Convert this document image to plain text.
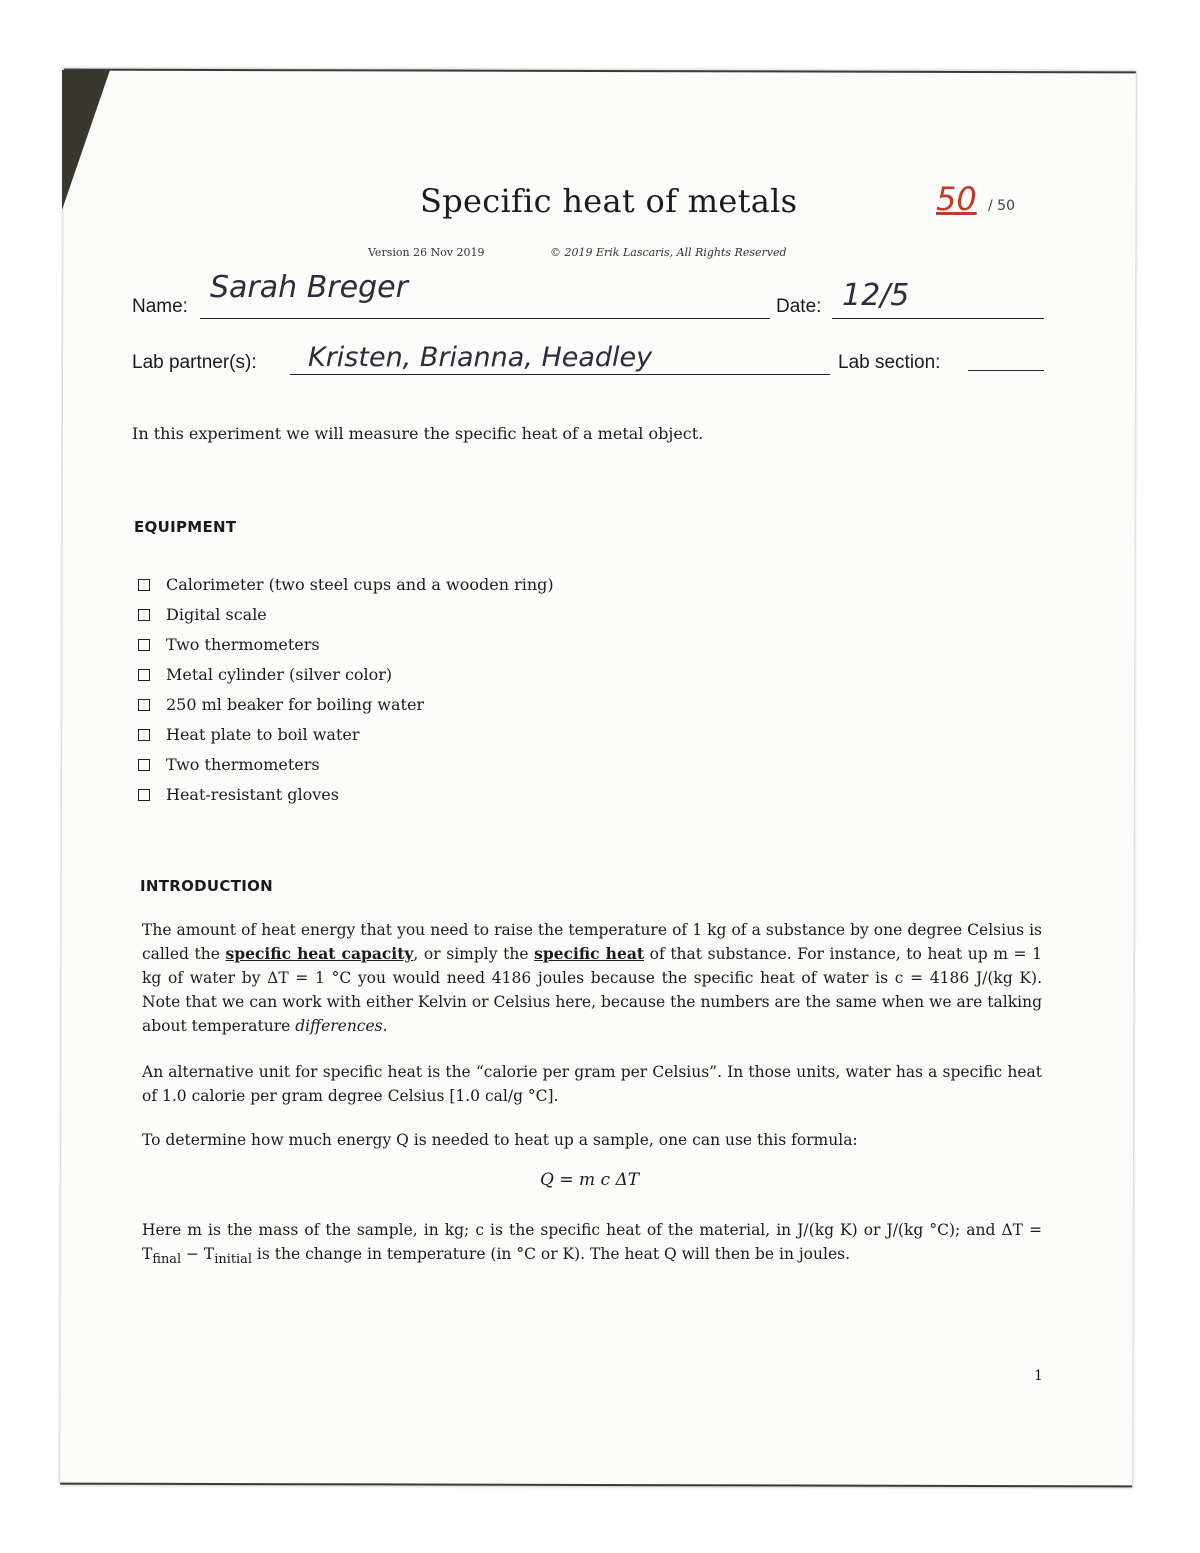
Specific heat of metals	50 / 50
Version 26 Nov 2019	© 2019 Erik Lascaris, All Rights Reserved
Name:
Sarah Breger
Date: 12/5
Lab partner(s): Kristen, Brianna, Headley	Lab section:
In this experiment we will measure the specific heat of a metal object.
EQUIPMENT
Calorimeter (two steel cups and a wooden ring)
Digital scale
Two thermometers
Metal cylinder (silver color)
250 ml beaker for boiling water
Heat plate to boil water
Two thermometers
Heat-resistant gloves
INTRODUCTION
The amount of heat energy that you need to raise the temperature of 1 kg of a substance by one degree Celsius is called the specific heat capacity, or simply the specific heat of that substance. For instance, to heat up m = 1 kg of water by ΔT = 1 °C you would need 4186 joules because the specific heat of water is c = 4186 J/(kg K). Note that we can work with either Kelvin or Celsius here, because the numbers are the same when we are talking about temperature differences.
An alternative unit for specific heat is the “calorie per gram per Celsius”. In those units, water has a specific heat of 1.0 calorie per gram degree Celsius [1.0 cal/g °C].
To determine how much energy Q is needed to heat up a sample, one can use this formula:
Q = m c ΔT
Here m is the mass of the sample, in kg; c is the specific heat of the material, in J/(kg K) or J/(kg °C); and $\Delta T = T_{final} - T_{initial}$ is the change in temperature (in °C or K). The heat Q will then be in joules.
1
